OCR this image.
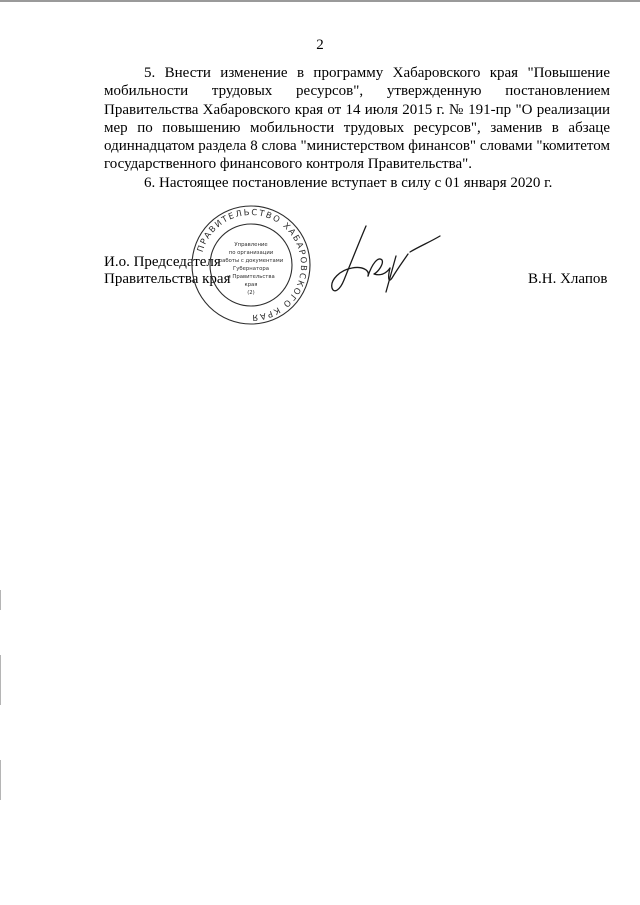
2

5. Внести изменение в программу Хабаровского края "Повышение мобильности трудовых ресурсов", утвержденную постановлением Правительства Хабаровского края от 14 июля 2015 г. № 191-пр "О реализации мер по повышению мобильности трудовых ресурсов", заменив в абзаце одиннадцатом раздела 8 слова "министерством финансов" словами "комитетом государственного финансового контроля Правительства".

6. Настоящее постановление вступает в силу с 01 января 2020 г.

И.о. Председателя
Правительства края
ПРАВИТЕЛЬСТВО ХАБАРОВСКОГО КРАЯ
Управление
по организации
работы с документами
Губернатора
и Правительства
края
(2)
В.Н. Хлапов
